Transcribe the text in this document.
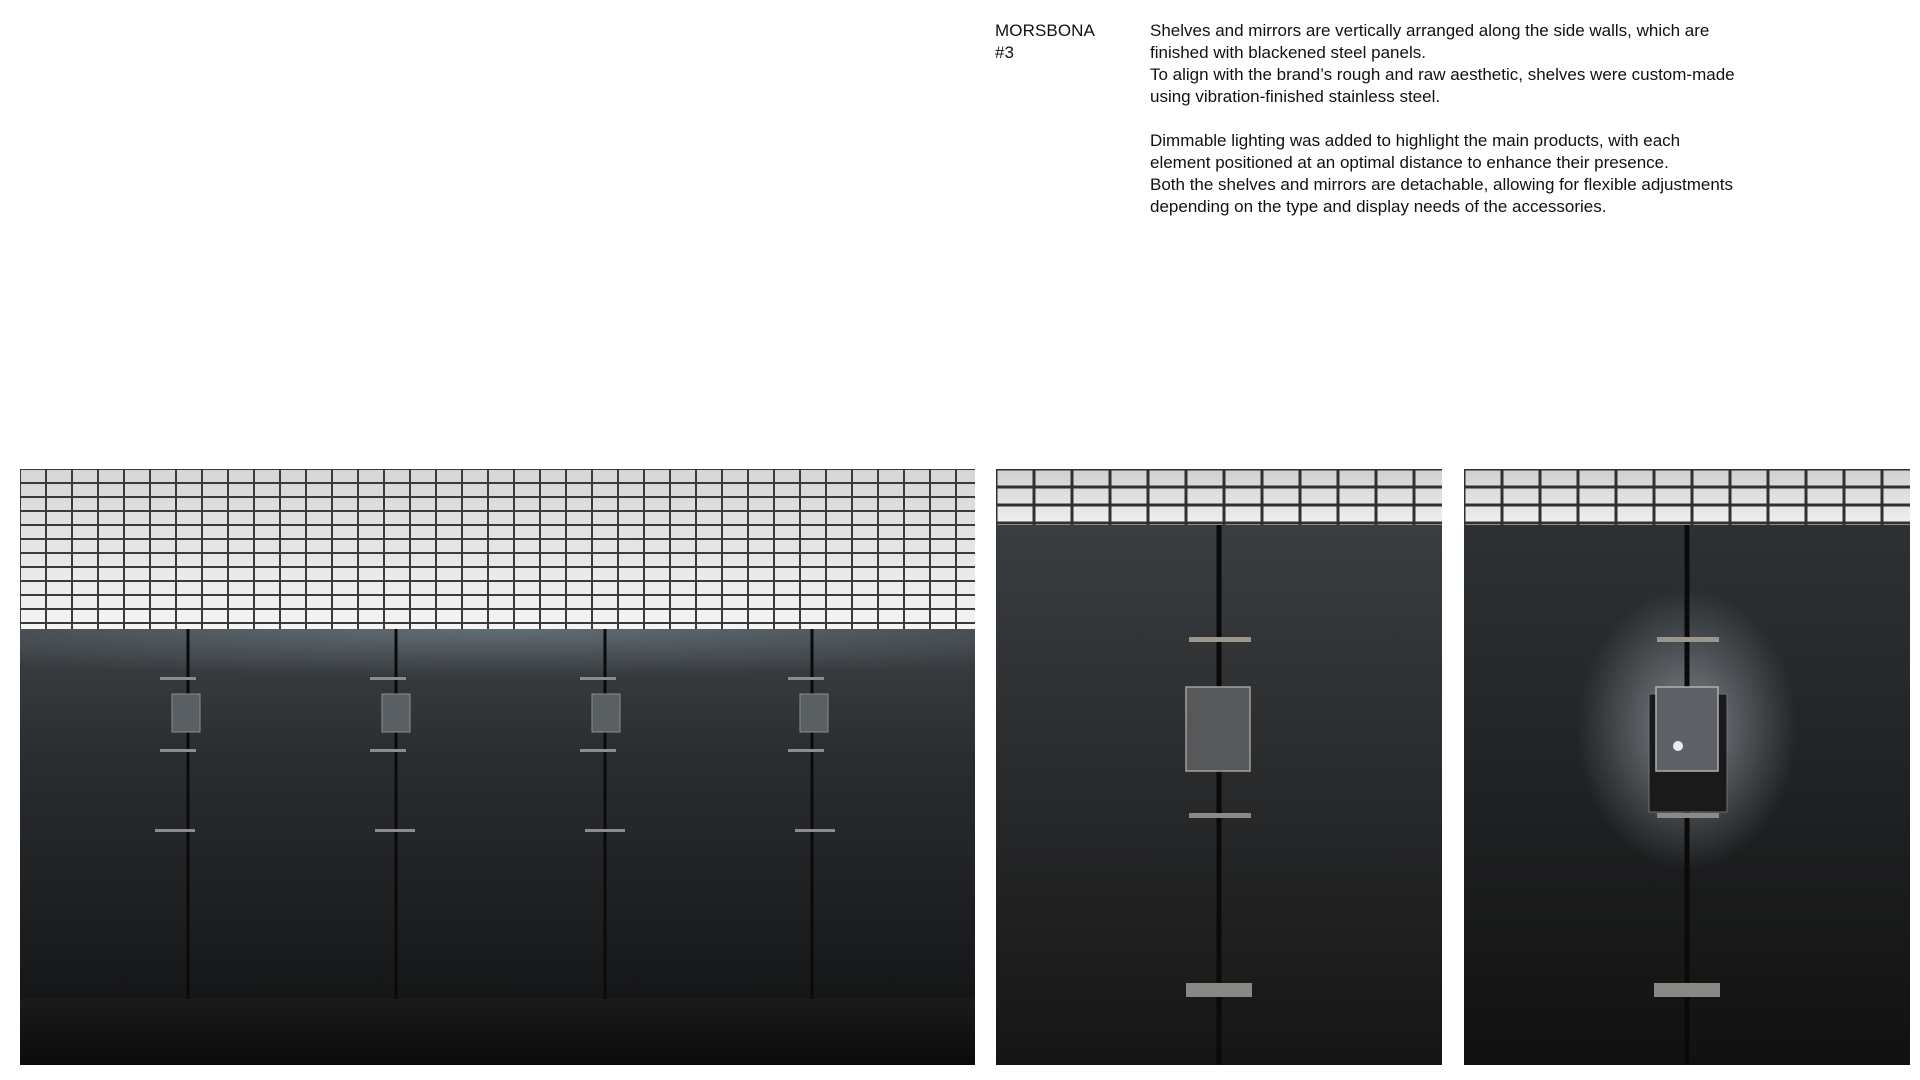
MORSBONA
#3

Shelves and mirrors are vertically arranged along the side walls, which are
finished with blackened steel panels.
To align with the brand’s rough and raw aesthetic, shelves were custom-made
using vibration-finished stainless steel.

Dimmable lighting was added to highlight the main products, with each
element positioned at an optimal distance to enhance their presence.
Both the shelves and mirrors are detachable, allowing for flexible adjustments
depending on the type and display needs of the accessories.
